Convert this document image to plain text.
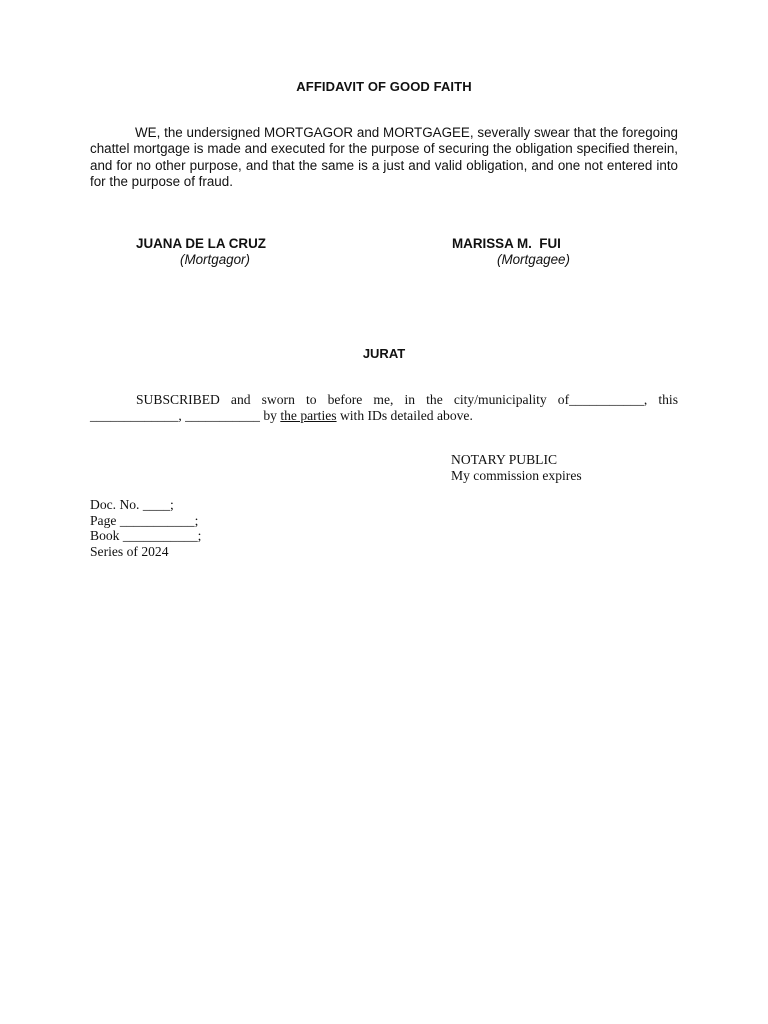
AFFIDAVIT OF GOOD FAITH

WE, the undersigned MORTGAGOR and MORTGAGEE, severally swear that the foregoing chattel mortgage is made and executed for the purpose of securing the obligation specified therein, and for no other purpose, and that the same is a just and valid obligation, and one not entered into for the purpose of fraud.

JUANA DE LA CRUZ
(Mortgagor)
MARISSA M.  FUI
(Mortgagee)
JURAT

SUBSCRIBED and sworn to before me, in the city/municipality of___________, this _____________, ___________ by the parties with IDs detailed above.

NOTARY PUBLIC
My commission expires
Doc. No. ____;
Page ___________;
Book ___________;
Series of 2024
